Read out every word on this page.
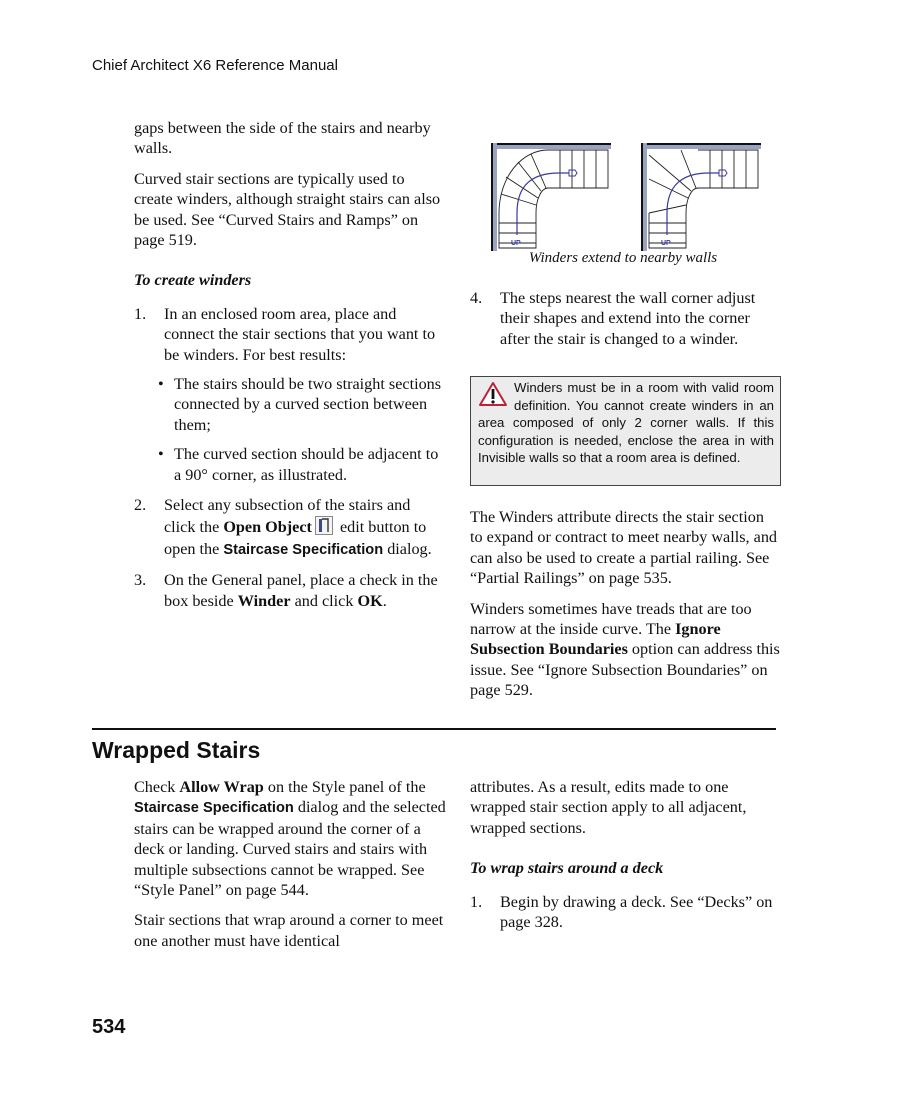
Chief Architect X6 Reference Manual

gaps between the side of the stairs and nearby walls.

Curved stair sections are typically used to create winders, although straight stairs can also be used. See “Curved Stairs and Ramps” on page 519.

To create winders

1. In an enclosed room area, place and connect the stair sections that you want to be winders. For best results:
• The stairs should be two straight sections connected by a curved section between them;
• The curved section should be adjacent to a 90° corner, as illustrated.
2. Select any subsection of the stairs and click the Open Object edit button to open the Staircase Specification dialog.
3. On the General panel, place a check in the box beside Winder and click OK.
UP	UP
Winders extend to nearby walls
4. The steps nearest the wall corner adjust their shapes and extend into the corner after the stair is changed to a winder.
Winders must be in a room with valid room definition. You cannot create winders in an area composed of only 2 corner walls. If this configuration is needed, enclose the area in with Invisible walls so that a room area is defined.

The Winders attribute directs the stair section to expand or contract to meet nearby walls, and can also be used to create a partial railing. See “Partial Railings” on page 535.

Winders sometimes have treads that are too narrow at the inside curve. The Ignore Subsection Boundaries option can address this issue. See “Ignore Subsection Boundaries” on page 529.

Wrapped Stairs

Check Allow Wrap on the Style panel of the Staircase Specification dialog and the selected stairs can be wrapped around the corner of a deck or landing. Curved stairs and stairs with multiple subsections cannot be wrapped. See “Style Panel” on page 544.

Stair sections that wrap around a corner to meet one another must have identical

attributes. As a result, edits made to one wrapped stair section apply to all adjacent, wrapped sections.

To wrap stairs around a deck

1. Begin by drawing a deck. See “Decks” on page 328.
534
